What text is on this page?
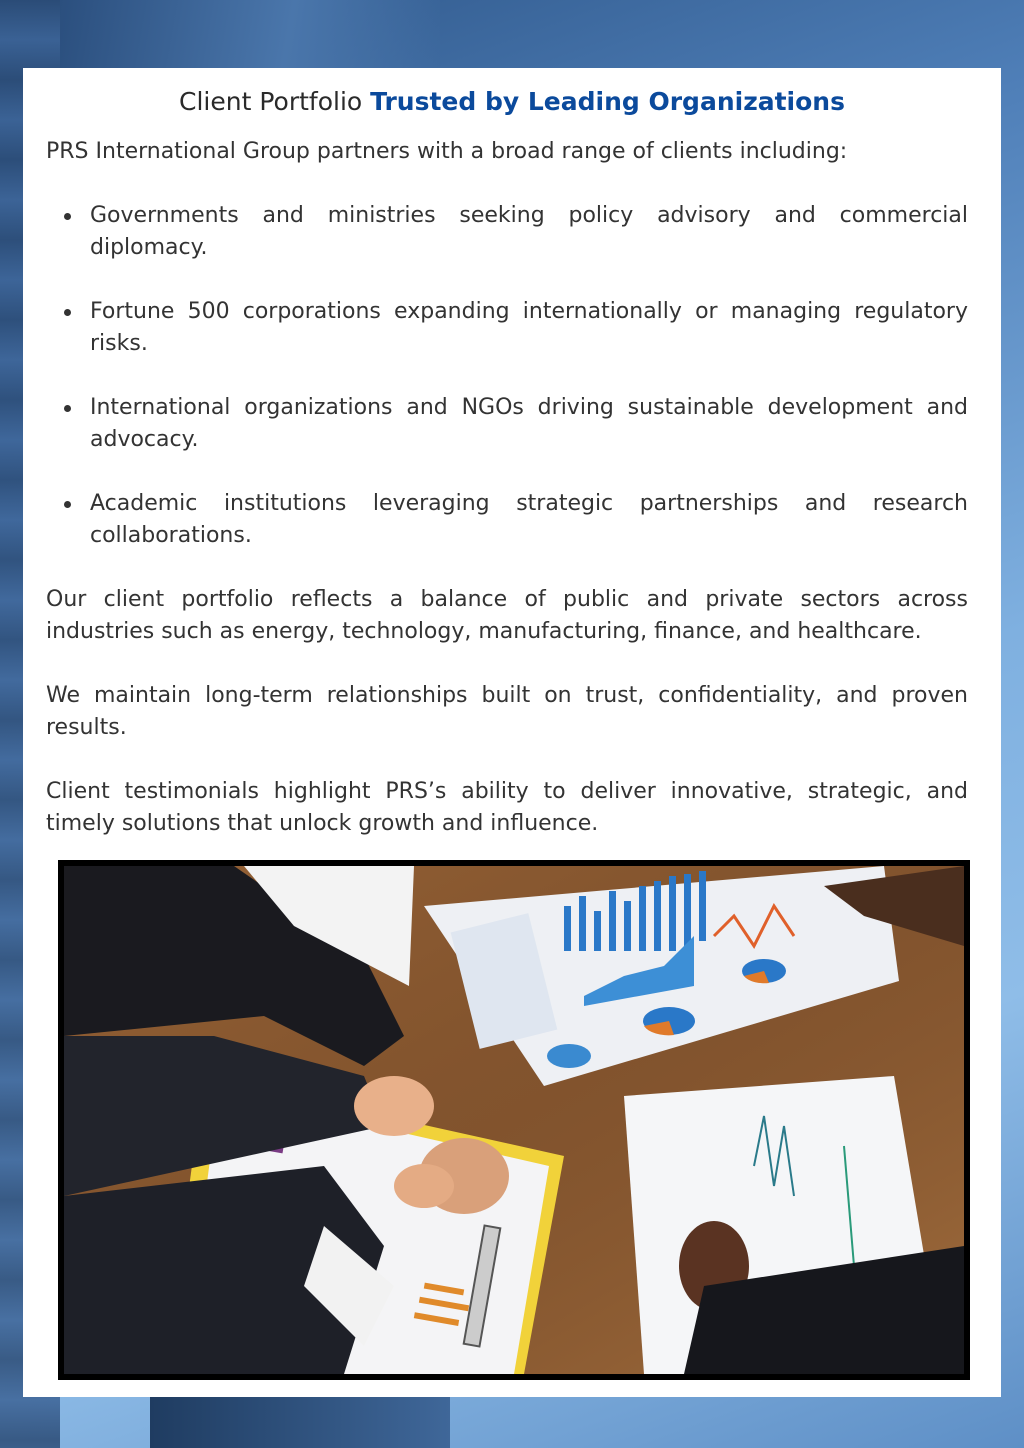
Client Portfolio Trusted by Leading Organizations

PRS International Group partners with a broad range of clients including:

Governments and ministries seeking policy advisory and commercial diplomacy.
Fortune 500 corporations expanding internationally or managing regulatory risks.
International organizations and NGOs driving sustainable development and advocacy.
Academic institutions leveraging strategic partnerships and research collaborations.

Our client portfolio reflects a balance of public and private sectors across industries such as energy, technology, manufacturing, finance, and healthcare.

We maintain long-term relationships built on trust, confidentiality, and proven results.

Client testimonials highlight PRS’s ability to deliver innovative, strategic, and timely solutions that unlock growth and influence.
